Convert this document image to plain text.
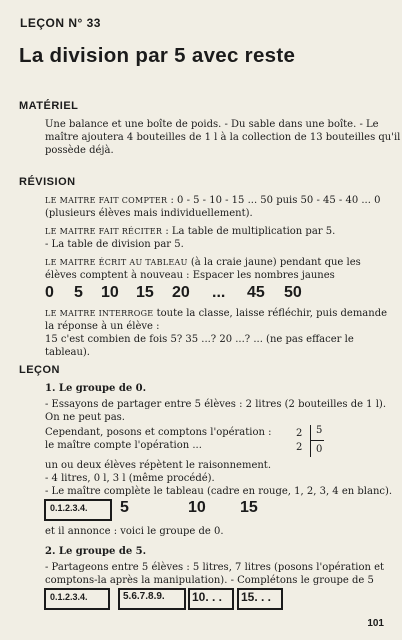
LEÇON N° 33
La division par 5 avec reste
MATÉRIEL
Une balance et une boîte de poids. - Du sable dans une boîte. - Le
maître ajoutera 4 bouteilles de 1 l à la collection de 13 bouteilles qu'il
possède déjà.
RÉVISION
LE MAITRE FAIT COMPTER : 0 - 5 - 10 - 15 ... 50 puis 50 - 45 - 40 ... 0
(plusieurs élèves mais individuellement).
LE MAITRE FAIT RÉCITER : La table de multiplication par 5.
- La table de division par 5.
LE MAITRE ÉCRIT AU TABLEAU (à la craie jaune) pendant que les
élèves comptent à nouveau : Espacer les nombres jaunes
0 5 10 15 20 ... 45 50
LE MAITRE INTERROGE toute la classe, laisse réfléchir, puis demande
la réponse à un élève :
15 c'est combien de fois 5? 35 ...? 20 ...? ... (ne pas effacer le
tableau).
LEÇON
1. Le groupe de 0.
- Essayons de partager entre 5 élèves : 2 litres (2 bouteilles de 1 l).
On ne peut pas.
Cependant, posons et comptons l'opération :
le maître compte l'opération ...
2 5
2 0
un ou deux élèves répètent le raisonnement.
- 4 litres, 0 l, 3 l (même procédé).
- Le maître complète le tableau (cadre en rouge, 1, 2, 3, 4 en blanc).
0.1.2.3.4. 5	10 15
et il annonce : voici le groupe de 0.
2. Le groupe de 5.
- Partageons entre 5 élèves : 5 litres, 7 litres (posons l'opération et
comptons-la après la manipulation). - Complétons le groupe de 5
0.1.2.3.4.	5.6.7.8.9. 10. . . 15. . .
101
